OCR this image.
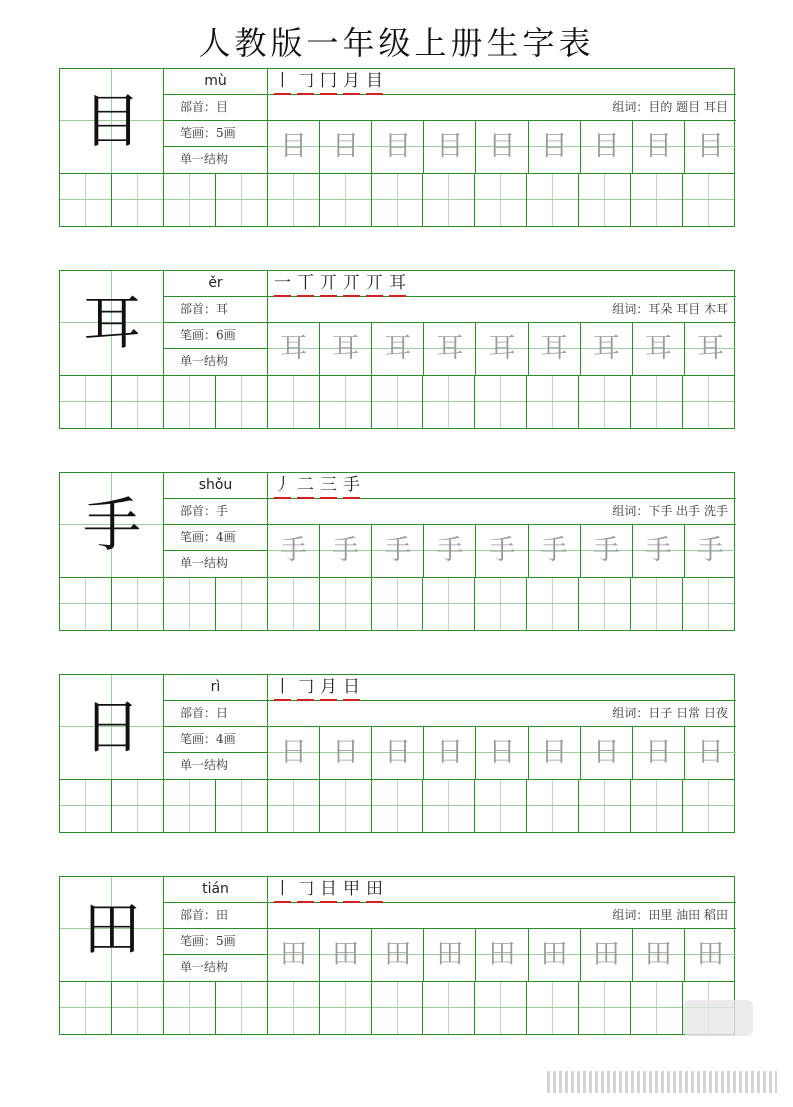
人教版一年级上册生字表
目
mù
部首：目
笔画：5画
单一结构
丨 𠃌 冂 月 目
组词：目的 题目 耳目
目 目 目 目 目 目 目 目 目
耳
ěr
部首：耳
笔画：6画
单一结构
一 丅 丌 丌 丌 耳
组词：耳朵 耳目 木耳
耳 耳 耳 耳 耳 耳 耳 耳 耳
手
shǒu
部首：手
笔画：4画
单一结构
丿 二 三 手
组词：下手 出手 洗手
手 手 手 手 手 手 手 手 手
日
rì
部首：日
笔画：4画
单一结构
丨 𠃌 月 日
组词：日子 日常 日夜
日 日 日 日 日 日 日 日 日
田
tián
部首：田
笔画：5画
单一结构
丨 𠃌 日 甲 田
组词：田里 油田 稻田
田 田 田 田 田 田 田 田 田
